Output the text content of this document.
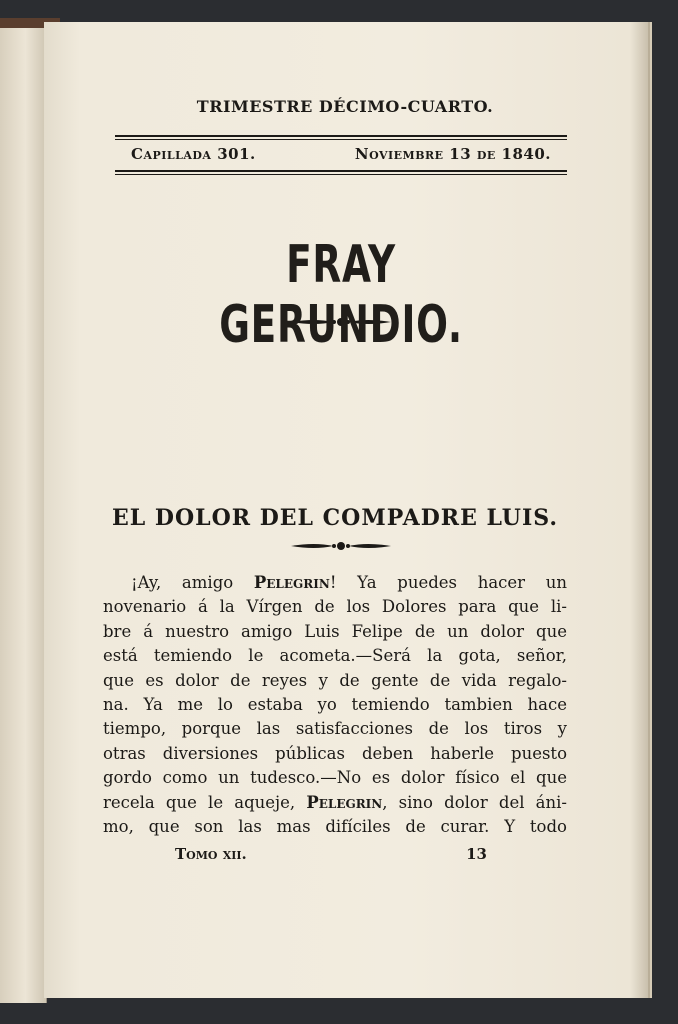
TRIMESTRE DÉCIMO-CUARTO.
Capillada 301.	Noviembre 13 de 1840.
FRAY GERUNDIO.
EL DOLOR DEL COMPADRE LUIS.
¡Ay, amigo Pelegrin! Ya puedes hacer un
novenario á la Vírgen de los Dolores para que li-
bre á nuestro amigo Luis Felipe de un dolor que
está temiendo le acometa.—Será la gota, señor,
que es dolor de reyes y de gente de vida regalo-
na. Ya me lo estaba yo temiendo tambien hace
tiempo, porque las satisfacciones de los tiros y
otras diversiones públicas deben haberle puesto
gordo como un tudesco.—No es dolor físico el que
recela que le aqueje, Pelegrin, sino dolor del áni-
mo, que son las mas difíciles de curar. Y todo
Tomo xii.	13
